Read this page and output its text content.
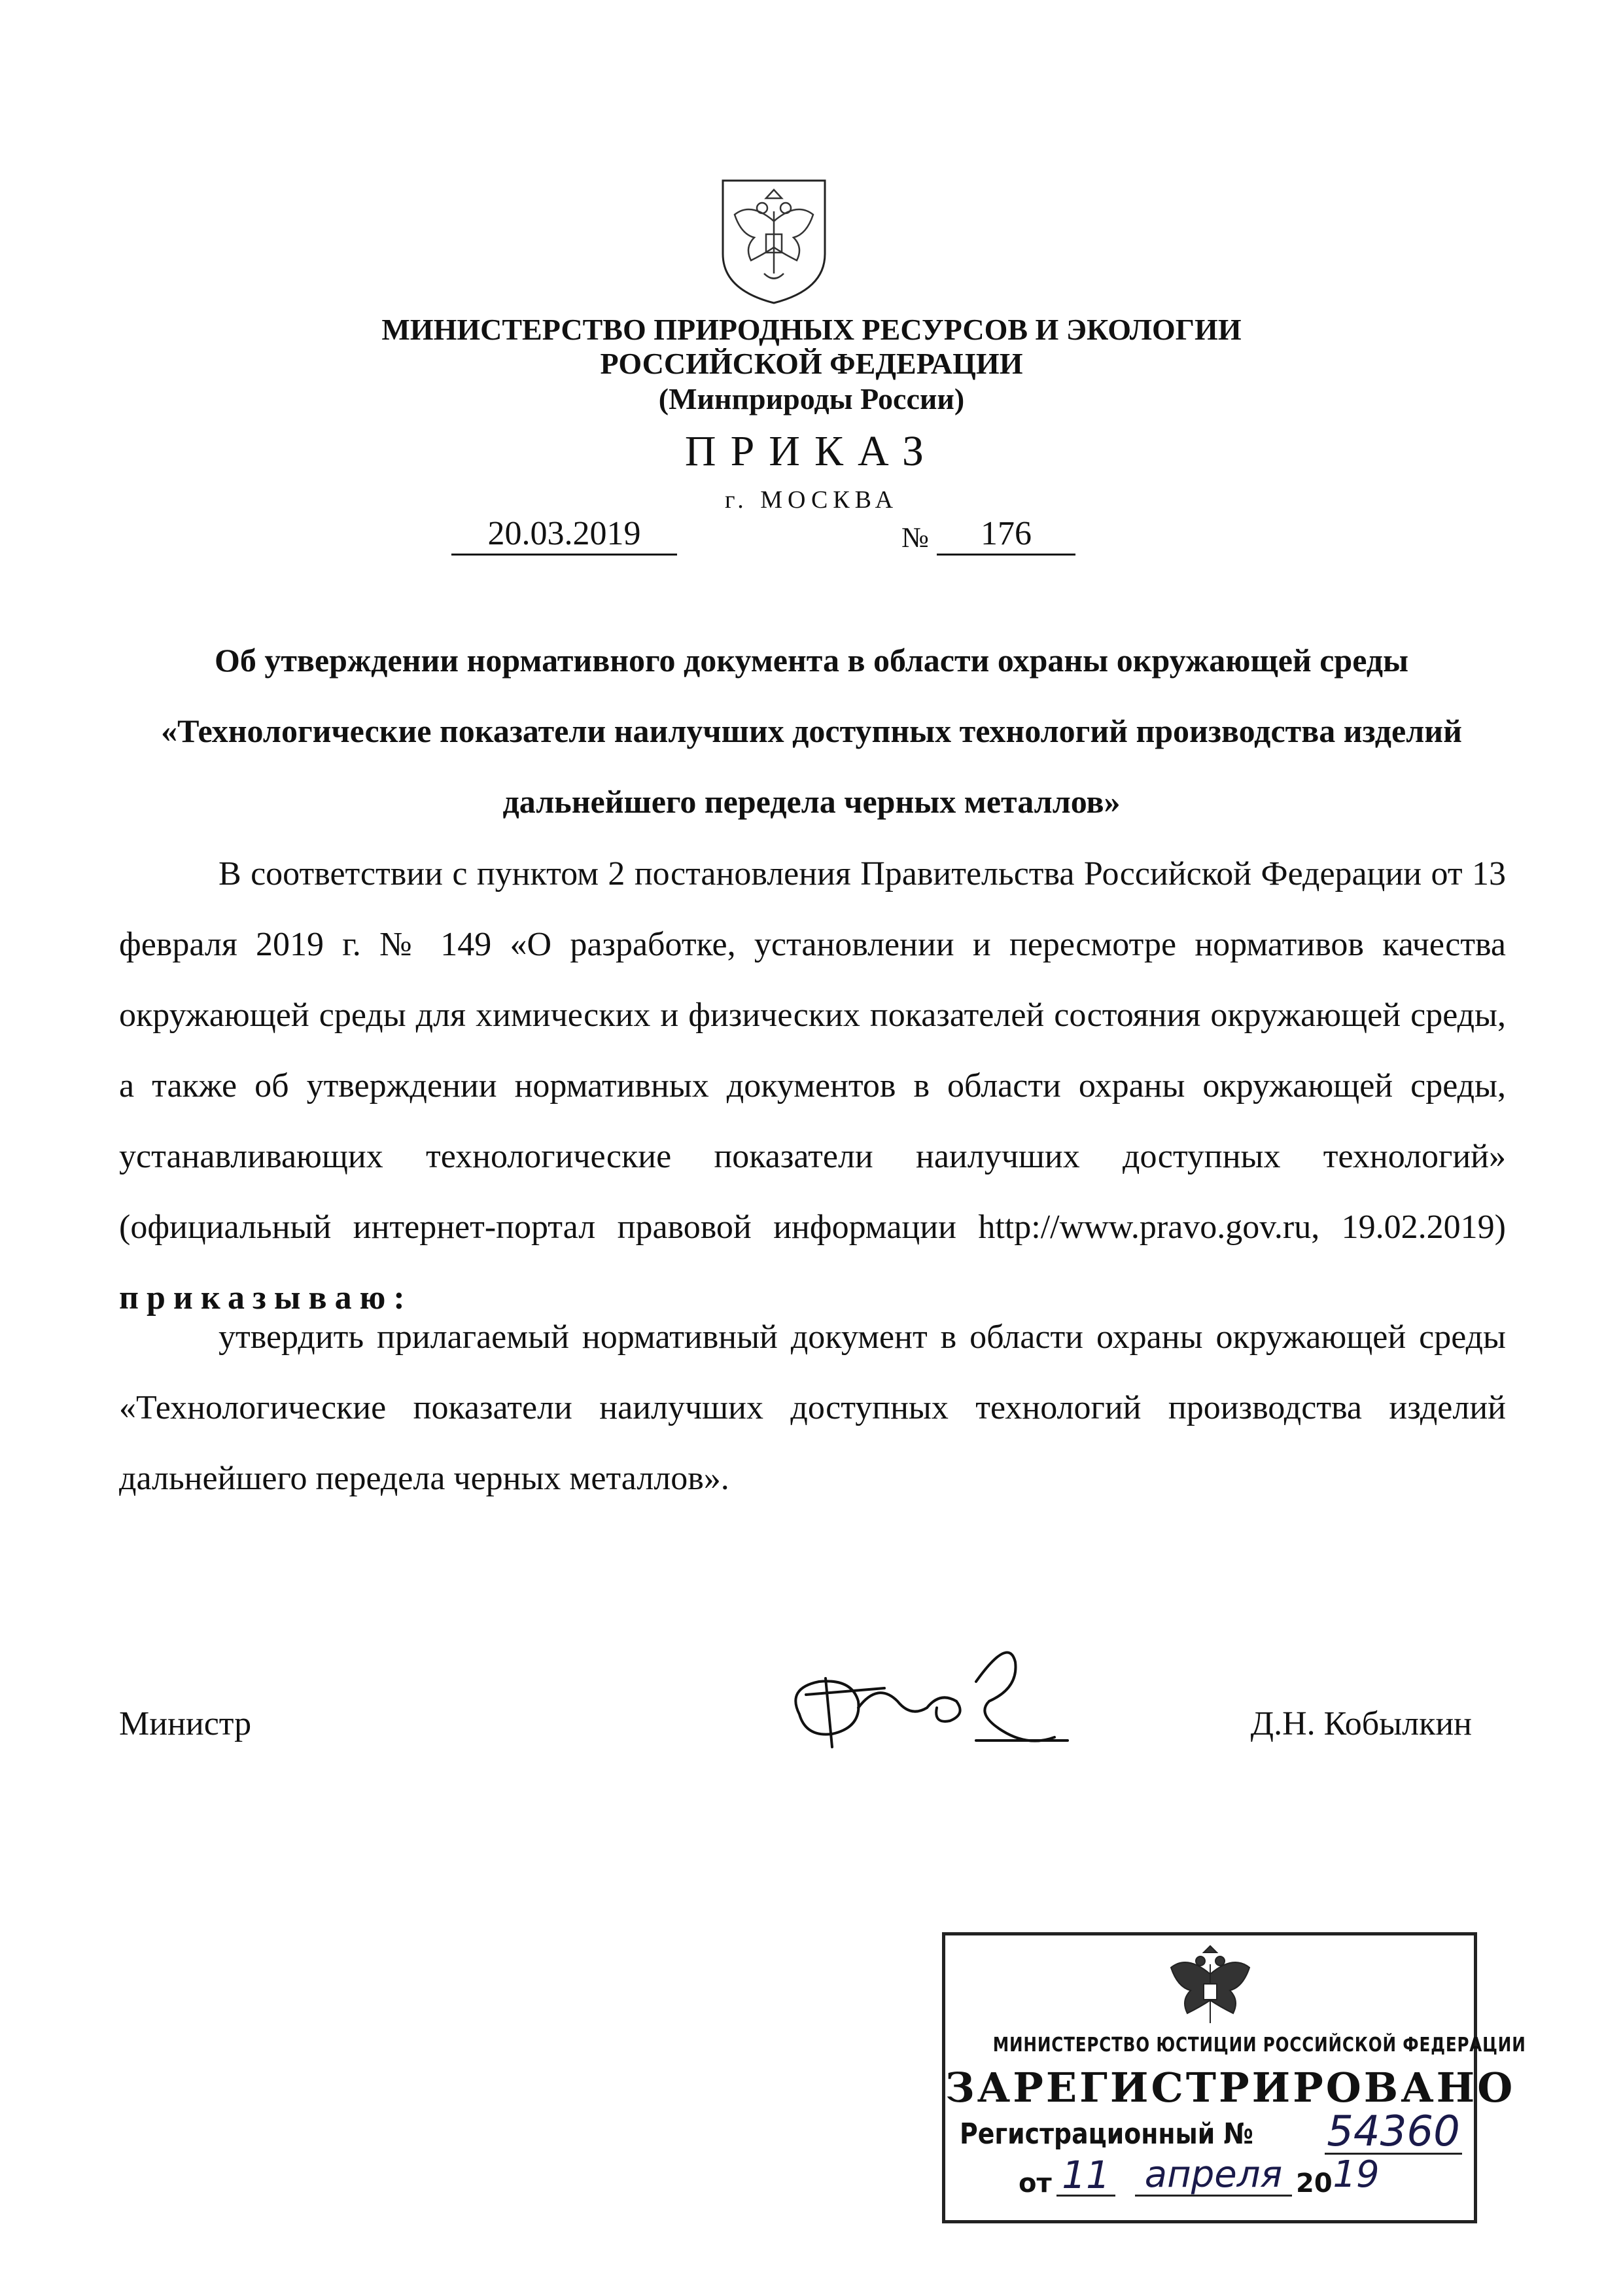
МИНИСТЕРСТВО ПРИРОДНЫХ РЕСУРСОВ И ЭКОЛОГИИ
РОССИЙСКОЙ ФЕДЕРАЦИИ
(Минприроды России)
ПРИКАЗ
г. МОСКВА
20.03.2019	№	176
Об утверждении нормативного документа в области охраны окружающей среды «Технологические показатели наилучших доступных технологий производства изделий дальнейшего передела черных металлов»

В соответствии с пунктом 2 постановления Правительства Российской Федерации от 13 февраля 2019 г. № 149 «О разработке, установлении и пересмотре нормативов качества окружающей среды для химических и физических показателей состояния окружающей среды, а также об утверждении нормативных документов в области охраны окружающей среды, устанавливающих технологические показатели наилучших доступных технологий» (официальный интернет-портал правовой информации http://www.pravo.gov.ru, 19.02.2019) приказываю:

утвердить прилагаемый нормативный документ в области охраны окружающей среды «Технологические показатели наилучших доступных технологий производства изделий дальнейшего передела черных металлов».

Министр	Д.Н. Кобылкин
МИНИСТЕРСТВО ЮСТИЦИИ РОССИЙСКОЙ ФЕДЕРАЦИИ
ЗАРЕГИСТРИРОВАНО
Регистрационный № 54360
от 11 апреля 20 19
